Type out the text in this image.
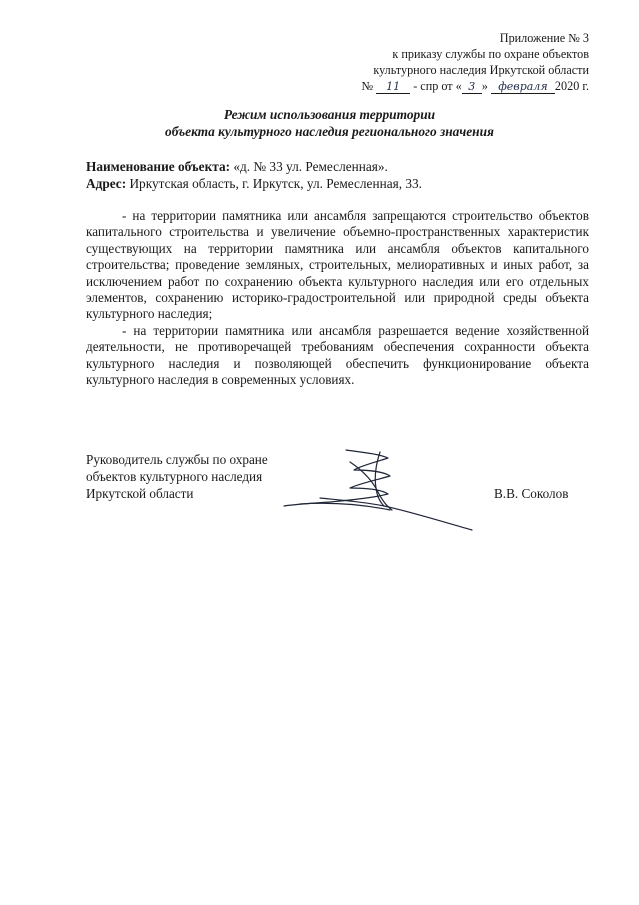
Приложение № 3
к приказу службы по охране объектов
культурного наследия Иркутской области
№ 11 - спр от « 3 » февраля 2020 г.
Режим использования территории
объекта культурного наследия регионального значения
Наименование объекта: «д. № 33 ул. Ремесленная».
Адрес: Иркутская область, г. Иркутск, ул. Ремесленная, 33.

- на территории памятника или ансамбля запрещаются строительство объектов капитального строительства и увеличение объемно-пространственных характеристик существующих на территории памятника или ансамбля объектов капитального строительства; проведение земляных, строительных, мелиоративных и иных работ, за исключением работ по сохранению объекта культурного наследия или его отдельных элементов, сохранению историко-градостроительной или природной среды объекта культурного наследия;

- на территории памятника или ансамбля разрешается ведение хозяйственной деятельности, не противоречащей требованиям обеспечения сохранности объекта культурного наследия и позволяющей обеспечить функционирование объекта культурного наследия в современных условиях.

Руководитель службы по охране
объектов культурного наследия
Иркутской области	В.В. Соколов
